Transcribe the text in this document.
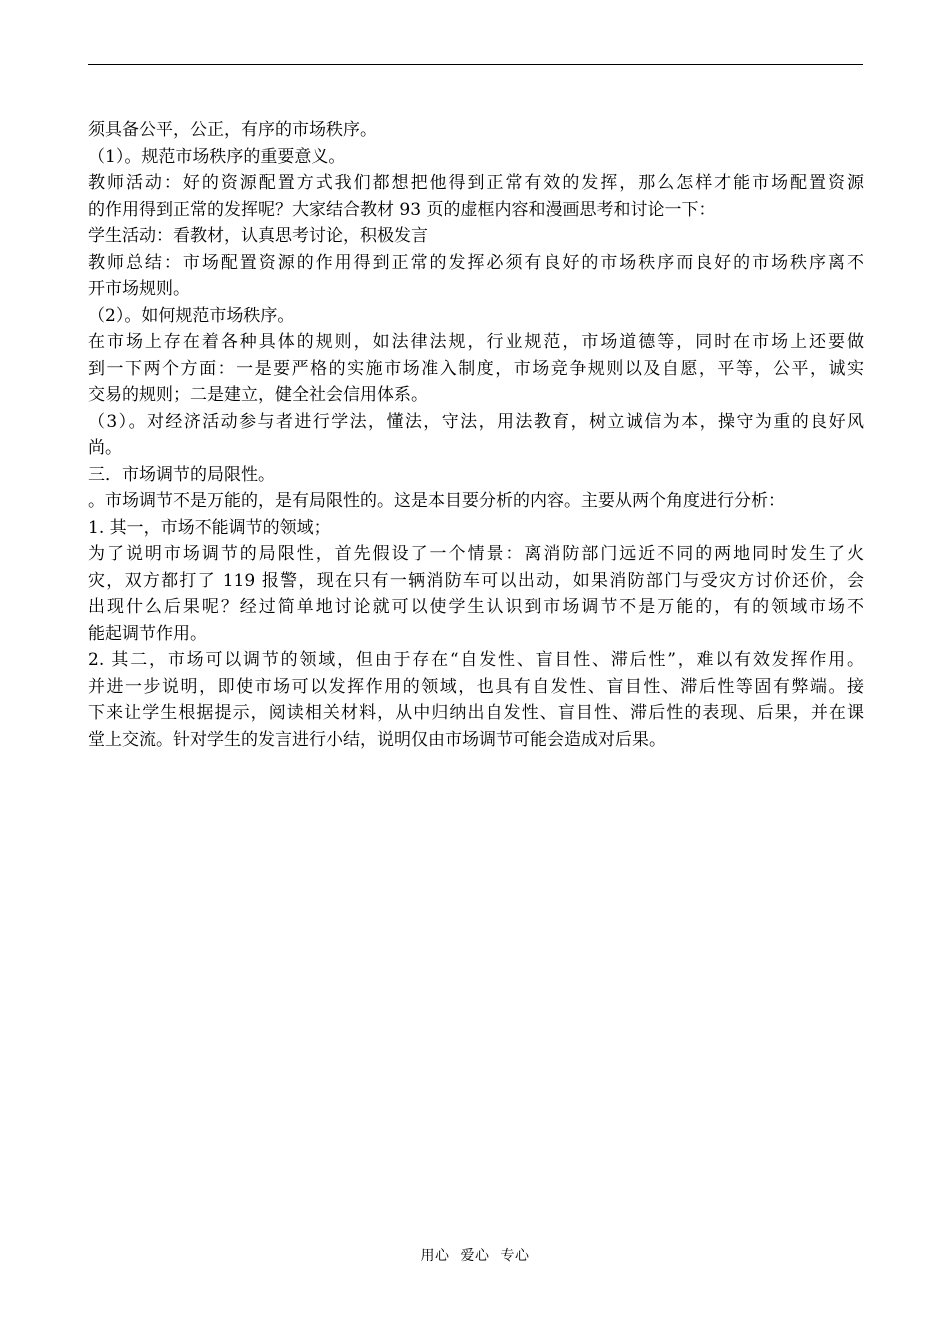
须具备公平，公正，有序的市场秩序。
（1）。规范市场秩序的重要意义。
教师活动：好的资源配置方式我们都想把他得到正常有效的发挥，那么怎样才能市场配置资源
的作用得到正常的发挥呢？大家结合教材 93 页的虚框内容和漫画思考和讨论一下：
学生活动：看教材，认真思考讨论，积极发言
教师总结：市场配置资源的作用得到正常的发挥必须有良好的市场秩序而良好的市场秩序离不
开市场规则。
（2）。如何规范市场秩序。
在市场上存在着各种具体的规则，如法律法规，行业规范，市场道德等，同时在市场上还要做
到一下两个方面：一是要严格的实施市场准入制度，市场竞争规则以及自愿，平等，公平，诚实
交易的规则；二是建立，健全社会信用体系。
（3）。对经济活动参与者进行学法，懂法，守法，用法教育，树立诚信为本，操守为重的良好风
尚。
三．市场调节的局限性。
。市场调节不是万能的，是有局限性的。这是本目要分析的内容。主要从两个角度进行分析：
1. 其一，市场不能调节的领域；
为了说明市场调节的局限性，首先假设了一个情景：离消防部门远近不同的两地同时发生了火
灾，双方都打了 119 报警，现在只有一辆消防车可以出动，如果消防部门与受灾方讨价还价，会
出现什么后果呢？经过简单地讨论就可以使学生认识到市场调节不是万能的，有的领域市场不
能起调节作用。
2. 其二，市场可以调节的领域，但由于存在“自发性、盲目性、滞后性”，难以有效发挥作用。
并进一步说明，即使市场可以发挥作用的领域，也具有自发性、盲目性、滞后性等固有弊端。接
下来让学生根据提示，阅读相关材料，从中归纳出自发性、盲目性、滞后性的表现、后果，并在课
堂上交流。针对学生的发言进行小结，说明仅由市场调节可能会造成对后果。
用心 爱心 专心
